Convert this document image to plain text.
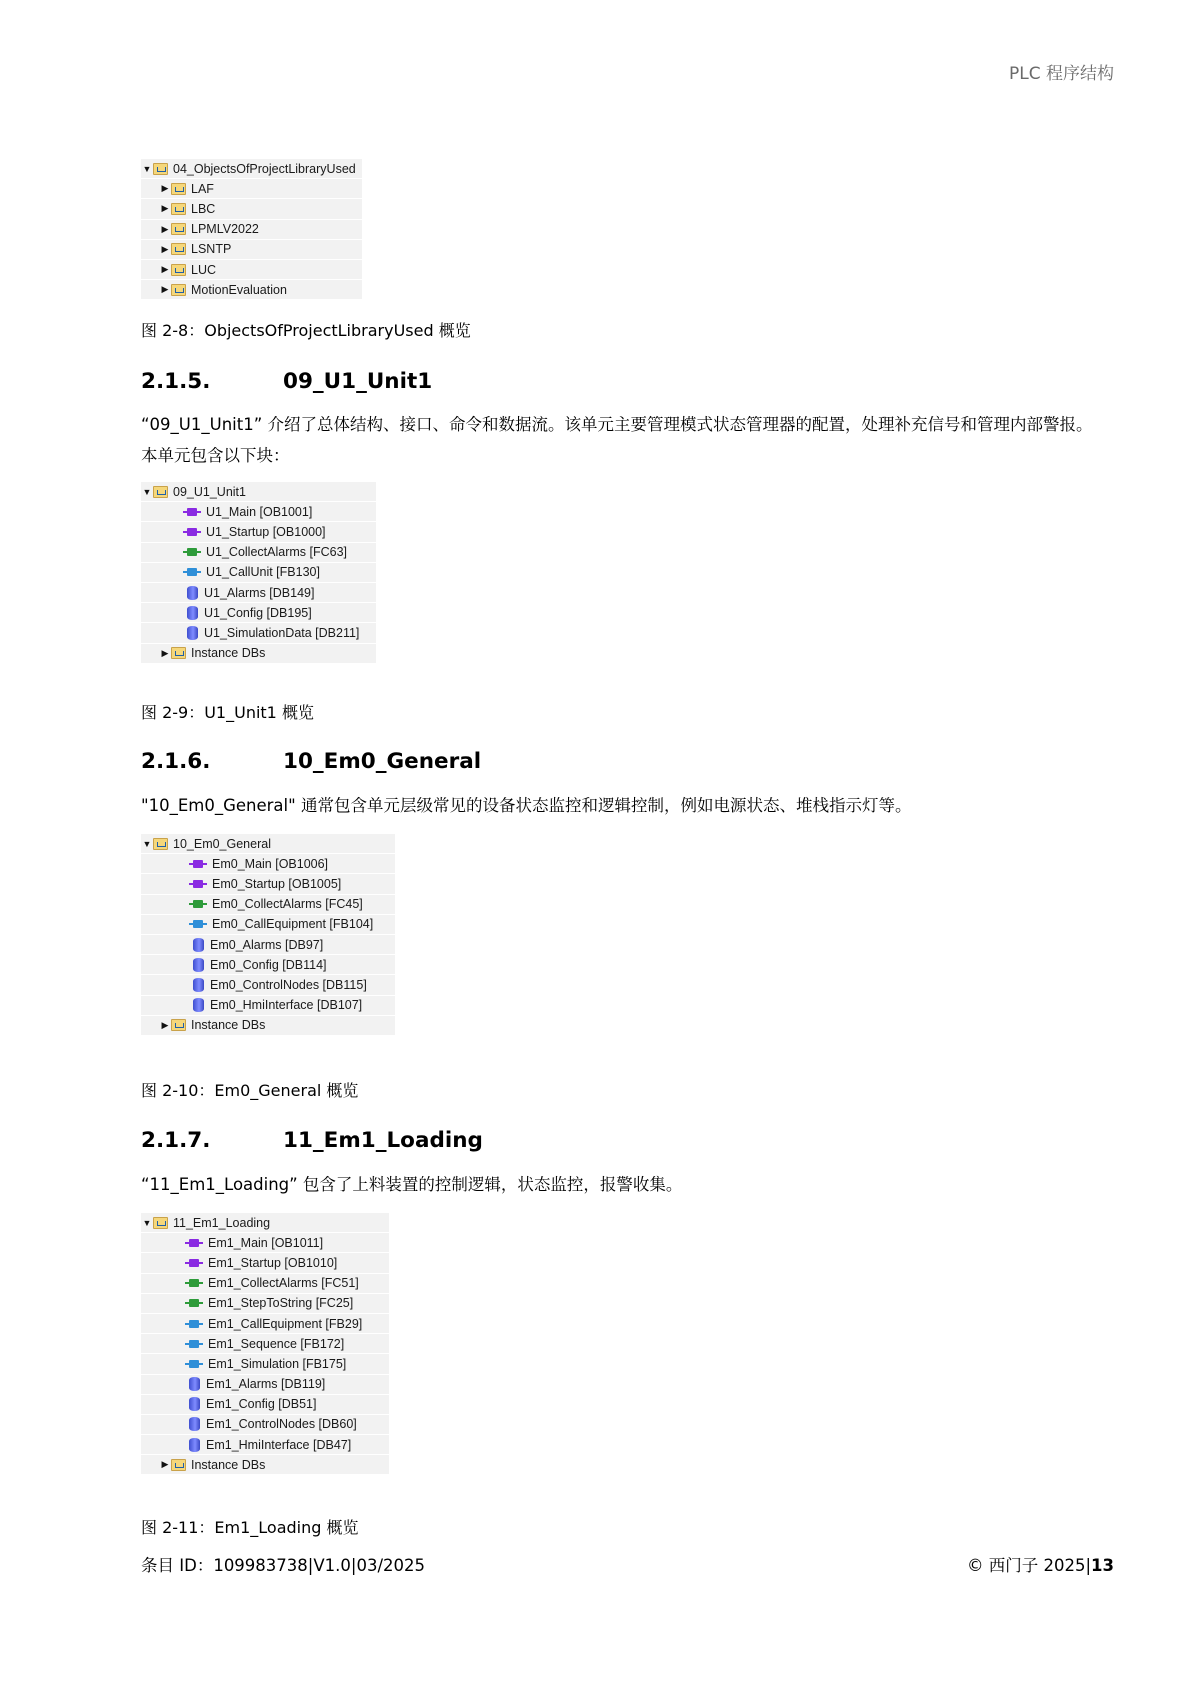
PLC 程序结构
▼ 04_ObjectsOfProjectLibraryUsed
▶ LAF
▶ LBC
▶ LPMLV2022
▶ LSNTP
▶ LUC
▶ MotionEvaluation
图 2-8：ObjectsOfProjectLibraryUsed 概览
2.1.5.	09_U1_Unit1
“09_U1_Unit1” 介绍了总体结构、接口、命令和数据流。该单元主要管理模式状态管理器的配置，处理补充信号和管理内部警报。本单元包含以下块：
▼ 09_U1_Unit1
U1_Main [OB1001]
U1_Startup [OB1000]
U1_CollectAlarms [FC63]
U1_CallUnit [FB130]
U1_Alarms [DB149]
U1_Config [DB195]
U1_SimulationData [DB211]
▶ Instance DBs
图 2-9：U1_Unit1 概览
2.1.6.	10_Em0_General
"10_Em0_General" 通常包含单元层级常见的设备状态监控和逻辑控制，例如电源状态、堆栈指示灯等。
▼ 10_Em0_General
Em0_Main [OB1006]
Em0_Startup [OB1005]
Em0_CollectAlarms [FC45]
Em0_CallEquipment [FB104]
Em0_Alarms [DB97]
Em0_Config [DB114]
Em0_ControlNodes [DB115]
Em0_HmiInterface [DB107]
▶ Instance DBs
图 2-10：Em0_General 概览
2.1.7.	11_Em1_Loading
“11_Em1_Loading” 包含了上料装置的控制逻辑，状态监控，报警收集。
▼ 11_Em1_Loading
Em1_Main [OB1011]
Em1_Startup [OB1010]
Em1_CollectAlarms [FC51]
Em1_StepToString [FC25]
Em1_CallEquipment [FB29]
Em1_Sequence [FB172]
Em1_Simulation [FB175]
Em1_Alarms [DB119]
Em1_Config [DB51]
Em1_ControlNodes [DB60]
Em1_HmiInterface [DB47]
▶ Instance DBs
图 2-11：Em1_Loading 概览
条目 ID：109983738|V1.0|03/2025	© 西门子 2025|13
